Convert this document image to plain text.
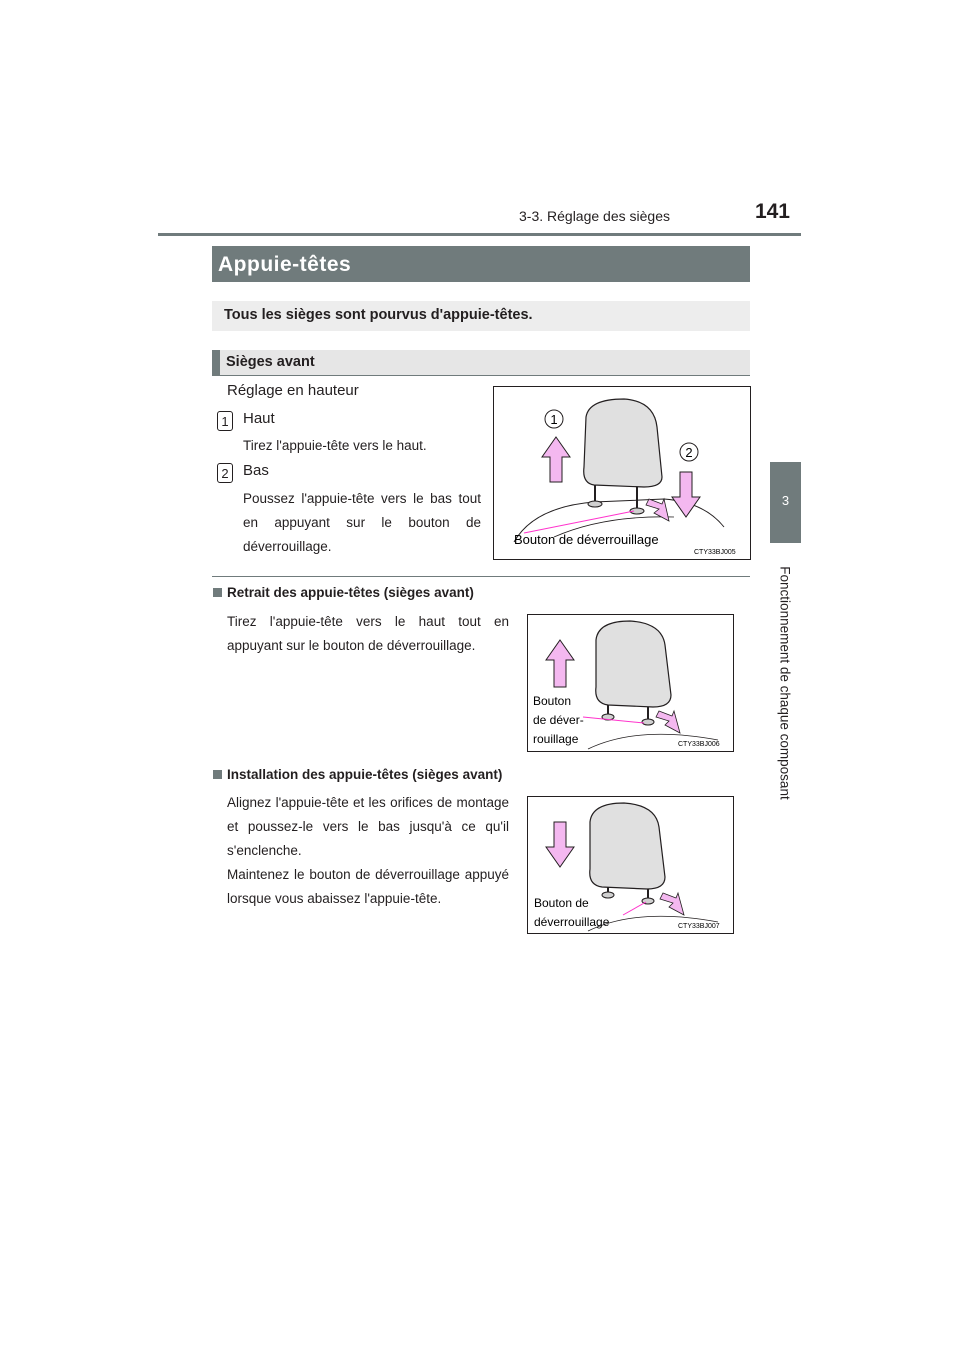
3-3. Réglage des sièges	141
3
Fonctionnement de chaque composant
Appuie-têtes
Tous les sièges sont pourvus d'appuie-têtes.
Sièges avant
Réglage en hauteur
1 Haut
Tirez l'appuie-tête vers le haut.
2 Bas
Poussez l'appuie-tête vers le bas tout en appuyant sur le bouton de déverrouillage.
1
2
Bouton de déverrouillage
CTY33BJ005
Retrait des appuie-têtes (sièges avant)
Tirez l'appuie-tête vers le haut tout en appuyant sur le bouton de déverrouillage.
Bouton
de déver-
rouillage	CTY33BJ006
Installation des appuie-têtes (sièges avant)
Alignez l'appuie-tête et les orifices de montage et poussez-le vers le bas jusqu'à ce qu'il s'enclenche.
Maintenez le bouton de déverrouillage appuyé lorsque vous abaissez l'appuie-tête.	Bouton de
déverrouillage	CTY33BJ007
